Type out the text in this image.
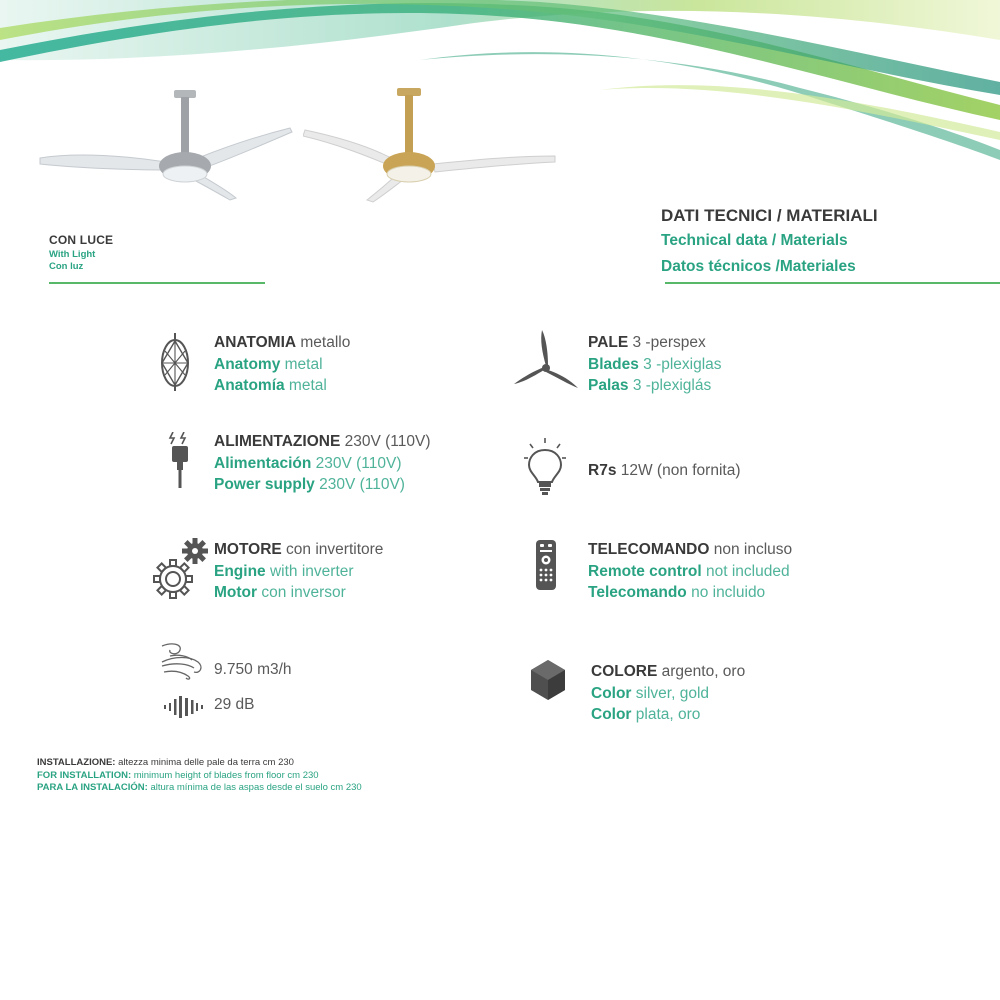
CON LUCE
With Light
Con luz
DATI TECNICI / MATERIALI
Technical data / Materials
Datos técnicos /Materiales
ANATOMIA metallo
Anatomy metal
Anatomía metal
PALE 3 -perspex
Blades 3 -plexiglas
Palas 3 -plexiglás
ALIMENTAZIONE 230V (110V)
Alimentación 230V (110V)
Power supply 230V (110V)
R7s 12W (non fornita)
MOTORE con invertitore
Engine with inverter
Motor con inversor
TELECOMANDO non incluso
Remote control not included
Telecomando no incluido
9.750 m3/h
29 dB
COLORE argento, oro
Color silver, gold
Color plata, oro
INSTALLAZIONE: altezza minima delle pale da terra cm 230
FOR INSTALLATION: minimum height of blades from floor cm 230
PARA LA INSTALACIÓN: altura mínima de las aspas desde el suelo cm 230
